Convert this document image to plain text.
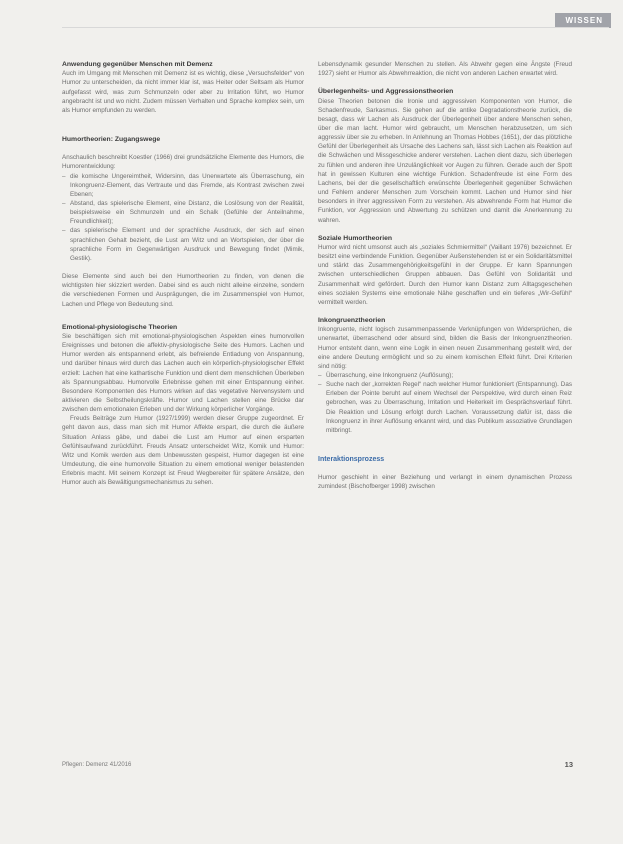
WISSEN
Anwendung gegenüber Menschen mit Demenz

Auch im Umgang mit Menschen mit Demenz ist es wichtig, diese „Versuchsfelder“ von Humor zu unterscheiden, da nicht immer klar ist, was Heiter oder Seltsam als Humor aufgefasst wird, was zum Schmunzeln oder aber zu Irritation führt, wo Humor angebracht ist und wo nicht. Zudem müssen Verhalten und Sprache komplex sein, um als Humor empfunden zu werden.

Humortheorien: Zugangswege

Anschaulich beschreibt Koestler (1966) drei grundsätzliche Elemente des Humors, die Humorentwicklung:

– die komische Ungereimtheit, Widersinn, das Unerwartete als Überraschung, ein Inkongruenz-Element, das Vertraute und das Fremde, als Kontrast zwischen zwei Ebenen;
– Abstand, das spielerische Element, eine Distanz, die Loslösung von der Realität, beispielsweise ein Schmunzeln und ein Schalk (Gefühle der Anteilnahme, Freundlichkeit);
– das spielerische Element und der sprachliche Ausdruck, der sich auf einen sprachlichen Gehalt bezieht, die Lust am Witz und an Wortspielen, der über die sprachliche Form im Gegenwärtigen Ausdruck und Bewegung findet (Mimik, Gestik).

Diese Elemente sind auch bei den Humortheorien zu finden, von denen die wichtigsten hier skizziert werden. Dabei sind es auch nicht alleine einzelne, sondern die verschiedenen Formen und Ausprägungen, die im Zusammenspiel von Humor, Lachen und Pflege von Bedeutung sind.

Emotional-physiologische Theorien

Sie beschäftigen sich mit emotional-physiologischen Aspekten eines humorvollen Ereignisses und betonen die affektiv-physiologische Seite des Humors. Lachen und Humor werden als entspannend erlebt, als befreiende Entladung von Anspannung, und darüber hinaus wird durch das Lachen auch ein körperlich-physiologischer Effekt erzielt: Lachen hat eine kathartische Funktion und dient dem menschlichen Überleben als Spannungsabbau. Humorvolle Erlebnisse gehen mit einer Entspannung einher. Besondere Komponenten des Humors wirken auf das vegetative Nervensystem und aktivieren die Selbstheilungskräfte. Humor und Lachen stellen eine Brücke dar zwischen dem emotionalen Erleben und der Wirkung körperlicher Vorgänge.

Freuds Beiträge zum Humor (1927/1999) werden dieser Gruppe zugeordnet. Er geht davon aus, dass man sich mit Humor Affekte erspart, die durch die äußere Situation Anlass gäbe, und dabei die Lust am Humor auf einen ersparten Gefühlsaufwand zurückführt. Freuds Ansatz unterscheidet Witz, Komik und Humor: Witz und Komik werden aus dem Unbewussten gespeist, Humor dagegen ist eine Umdeutung, die eine humorvolle Situation zu einem emotional weniger belastenden Erlebnis macht. Mit seinem Konzept ist Freud Wegbereiter für spätere Ansätze, den Humor auch als Bewältigungsmechanismus zu sehen.

Lebensdynamik gesunder Menschen zu stellen. Als Abwehr gegen eine Ängste (Freud 1927) sieht er Humor als Abwehrreaktion, die nicht von anderen Lachen erwartet wird.

Überlegenheits- und Aggressionstheorien

Diese Theorien betonen die Ironie und aggressiven Komponenten von Humor, die Schadenfreude, Sarkasmus. Sie gehen auf die antike Degradationstheorie zurück, die besagt, dass wir Lachen als Ausdruck der Überlegenheit über andere Menschen sehen, über die man lacht. Humor wird gebraucht, um Menschen herabzusetzen, um sich aggressiv über sie zu erheben. In Anlehnung an Thomas Hobbes (1651), der das plötzliche Gefühl der Überlegenheit als Ursache des Lachens sah, lässt sich Lachen als Reaktion auf die Schwächen und Missgeschicke anderer verstehen. Lachen dient dazu, sich überlegen zu fühlen und anderen ihre Unzulänglichkeit vor Augen zu führen. Gerade auch der Spott hat in gewissen Kulturen eine wichtige Funktion. Schadenfreude ist eine Form des Lachens, bei der die gesellschaftlich erwünschte Überlegenheit gegenüber Schwächen und Fehlern anderer Menschen zum Vorschein kommt. Lachen und Humor sind hier besonders in ihrer aggressiven Form zu verstehen. Als abwehrende Form hat Humor die Funktion, vor Aggression und Abwertung zu schützen und damit die Anerkennung zu wahren.

Soziale Humortheorien

Humor wird nicht umsonst auch als „soziales Schmiermittel“ (Vaillant 1976) bezeichnet. Er besitzt eine verbindende Funktion. Gegenüber Außenstehenden ist er ein Solidaritätsmittel und stärkt das Zusammengehörigkeitsgefühl in der Gruppe. Er kann Spannungen zwischen unterschiedlichen Gruppen abbauen. Das Gefühl von Solidarität und Zusammenhalt wird gefördert. Durch den Humor kann Distanz zum Alltagsgeschehen eines sozialen Systems eine emotionale Nähe geschaffen und ein tieferes „Wir-Gefühl“ vermittelt werden.

Inkongruenztheorien

Inkongruente, nicht logisch zusammenpassende Verknüpfungen von Widersprüchen, die unerwartet, überraschend oder absurd sind, bilden die Basis der Inkongruenztheorien. Humor entsteht dann, wenn eine Logik in einen neuen Zusammenhang gestellt wird, der eine andere Deutung ermöglicht und so zu einem komischen Effekt führt. Drei Kriterien sind nötig:

– Überraschung, eine Inkongruenz (Auflösung);
– Suche nach der „korrekten Regel“ nach welcher Humor funktioniert (Entspannung). Das Erleben der Pointe beruht auf einem Wechsel der Perspektive, wird durch einen Reiz gebrochen, was zu Überraschung, Irritation und Heiterkeit im Gesprächsverlauf führt. Die Reaktion und Lösung erfolgt durch Lachen. Voraussetzung dafür ist, dass die Inkongruenz in ihrer Auflösung erkannt wird, und das Publikum assoziative Grundlagen mitbringt.
Interaktionsprozess

Humor geschieht in einer Beziehung und verlangt in einem dynamischen Prozess zumindest (Bischofberger 1998) zwischen

Pflegen: Demenz 41/2016	13
